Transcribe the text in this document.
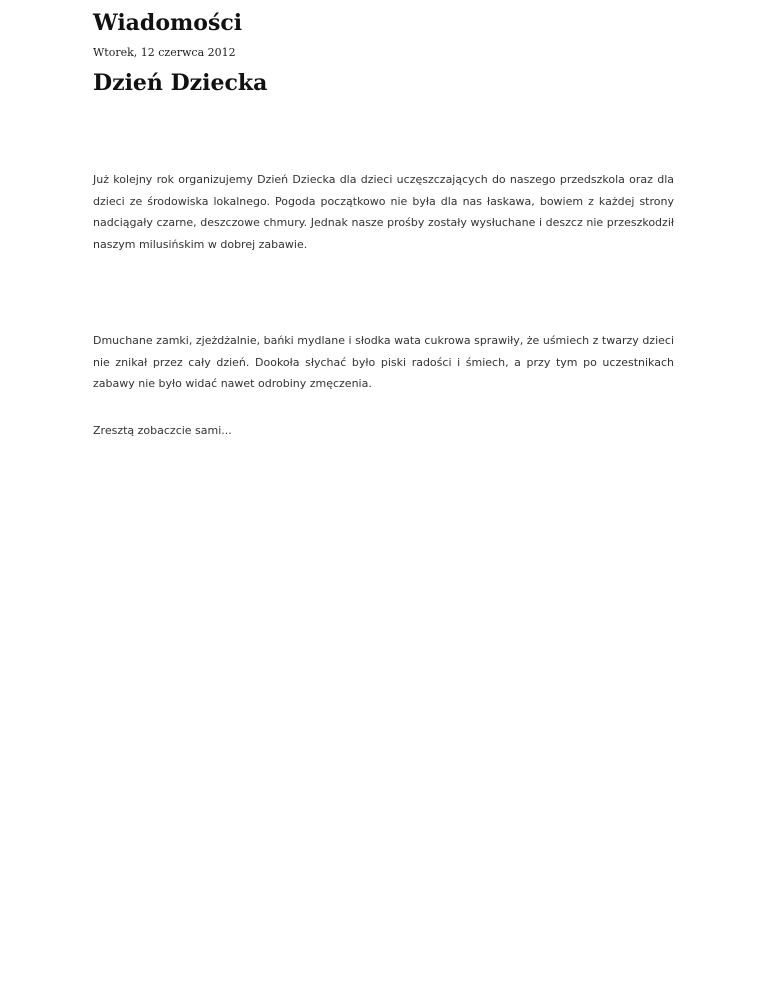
Wiadomości
Wtorek, 12 czerwca 2012
Dzień Dziecka

Już kolejny rok organizujemy Dzień Dziecka dla dzieci uczęszczających do naszego przedszkola oraz dla dzieci ze środowiska lokalnego. Pogoda początkowo nie była dla nas łaskawa, bowiem z każdej strony nadciągały czarne, deszczowe chmury. Jednak nasze prośby zostały wysłuchane i deszcz nie przeszkodził naszym milusińskim w dobrej zabawie.

Dmuchane zamki, zjeżdżalnie, bańki mydlane i słodka wata cukrowa sprawiły, że uśmiech z twarzy dzieci nie znikał przez cały dzień. Dookoła słychać było piski radości i śmiech, a przy tym po uczestnikach zabawy nie było widać nawet odrobiny zmęczenia.

Zresztą zobaczcie sami...
